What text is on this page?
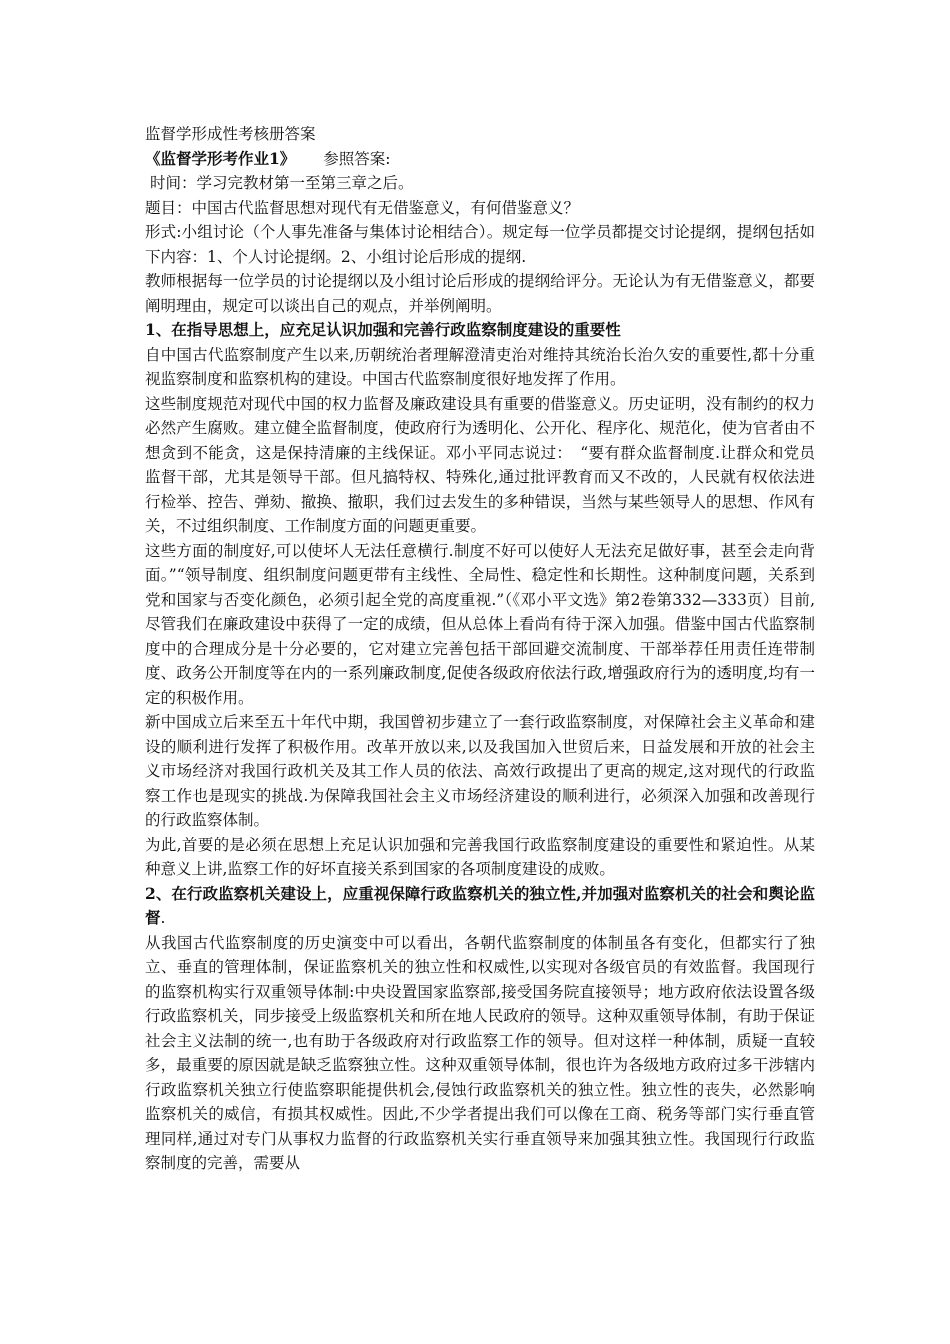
监督学形成性考核册答案

《监督学形考作业1》 参照答案:

时间：学习完教材第一至第三章之后。

题目：中国古代监督思想对现代有无借鉴意义，有何借鉴意义？

形式:小组讨论（个人事先准备与集体讨论相结合）。规定每一位学员都提交讨论提纲，提纲包括如下内容：1、个人讨论提纲。2、小组讨论后形成的提纲.

教师根据每一位学员的讨论提纲以及小组讨论后形成的提纲给评分。无论认为有无借鉴意义，都要阐明理由，规定可以谈出自己的观点，并举例阐明。

1、在指导思想上，应充足认识加强和完善行政监察制度建设的重要性

自中国古代监察制度产生以来,历朝统治者理解澄清吏治对维持其统治长治久安的重要性,都十分重视监察制度和监察机构的建设。中国古代监察制度很好地发挥了作用。

这些制度规范对现代中国的权力监督及廉政建设具有重要的借鉴意义。历史证明，没有制约的权力必然产生腐败。建立健全监督制度，使政府行为透明化、公开化、程序化、规范化，使为官者由不想贪到不能贪，这是保持清廉的主线保证。邓小平同志说过：　“要有群众监督制度.让群众和党员监督干部，尤其是领导干部。但凡搞特权、特殊化,通过批评教育而又不改的，人民就有权依法进行检举、控告、弹劾、撤换、撤职，我们过去发生的多种错误，当然与某些领导人的思想、作风有关，不过组织制度、工作制度方面的问题更重要。

这些方面的制度好,可以使坏人无法任意横行.制度不好可以使好人无法充足做好事，甚至会走向背面。”“领导制度、组织制度问题更带有主线性、全局性、稳定性和长期性。这种制度问题，关系到党和国家与否变化颜色，必须引起全党的高度重视.”（《邓小平文选》第2卷第332—333页）目前,尽管我们在廉政建设中获得了一定的成绩，但从总体上看尚有待于深入加强。借鉴中国古代监察制度中的合理成分是十分必要的，它对建立完善包括干部回避交流制度、干部举荐任用责任连带制度、政务公开制度等在内的一系列廉政制度,促使各级政府依法行政,增强政府行为的透明度,均有一定的积极作用。

新中国成立后来至五十年代中期，我国曾初步建立了一套行政监察制度，对保障社会主义革命和建设的顺利进行发挥了积极作用。改革开放以来,以及我国加入世贸后来，日益发展和开放的社会主义市场经济对我国行政机关及其工作人员的依法、高效行政提出了更高的规定,这对现代的行政监察工作也是现实的挑战.为保障我国社会主义市场经济建设的顺利进行，必须深入加强和改善现行的行政监察体制。

为此,首要的是必须在思想上充足认识加强和完善我国行政监察制度建设的重要性和紧迫性。从某种意义上讲,监察工作的好坏直接关系到国家的各项制度建设的成败。

2、在行政监察机关建设上，应重视保障行政监察机关的独立性,并加强对监察机关的社会和舆论监督.

从我国古代监察制度的历史演变中可以看出，各朝代监察制度的体制虽各有变化，但都实行了独立、垂直的管理体制，保证监察机关的独立性和权威性,以实现对各级官员的有效监督。我国现行的监察机构实行双重领导体制:中央设置国家监察部,接受国务院直接领导；地方政府依法设置各级行政监察机关，同步接受上级监察机关和所在地人民政府的领导。这种双重领导体制，有助于保证社会主义法制的统一,也有助于各级政府对行政监察工作的领导。但对这样一种体制，质疑一直较多，最重要的原因就是缺乏监察独立性。这种双重领导体制，很也许为各级地方政府过多干涉辖内行政监察机关独立行使监察职能提供机会,侵蚀行政监察机关的独立性。独立性的丧失，必然影响监察机关的威信，有损其权威性。因此,不少学者提出我们可以像在工商、税务等部门实行垂直管理同样,通过对专门从事权力监督的行政监察机关实行垂直领导来加强其独立性。我国现行行政监察制度的完善，需要从
